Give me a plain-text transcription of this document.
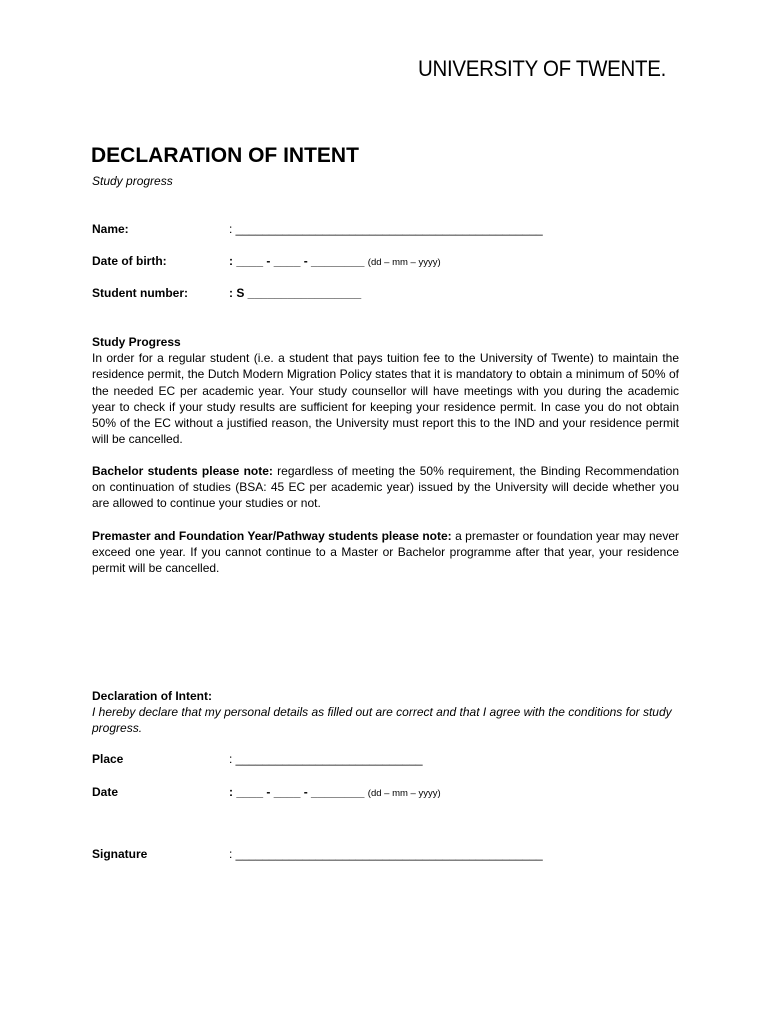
UNIVERSITY OF TWENTE.
DECLARATION OF INTENT
Study progress
Name:	: ______________________________________________
Date of birth:	: ____ - ____ - ________ (dd – mm – yyyy)
Student number:	: S _________________
Study Progress

In order for a regular student (i.e. a student that pays tuition fee to the University of Twente) to maintain the residence permit, the Dutch Modern Migration Policy states that it is mandatory to obtain a minimum of 50% of the needed EC per academic year. Your study counsellor will have meetings with you during the academic year to check if your study results are sufficient for keeping your residence permit. In case you do not obtain 50% of the EC without a justified reason, the University must report this to the IND and your residence permit will be cancelled.

Bachelor students please note: regardless of meeting the 50% requirement, the Binding Recommendation on continuation of studies (BSA: 45 EC per academic year) issued by the University will decide whether you are allowed to continue your studies or not.

Premaster and Foundation Year/Pathway students please note: a premaster or foundation year may never exceed one year. If you cannot continue to a Master or Bachelor programme after that year, your residence permit will be cancelled.

Declaration of Intent:

I hereby declare that my personal details as filled out are correct and that I agree with the conditions for study progress.

Place	: ____________________________
Date	: ____ - ____ - ________ (dd – mm – yyyy)
Signature	: ______________________________________________
